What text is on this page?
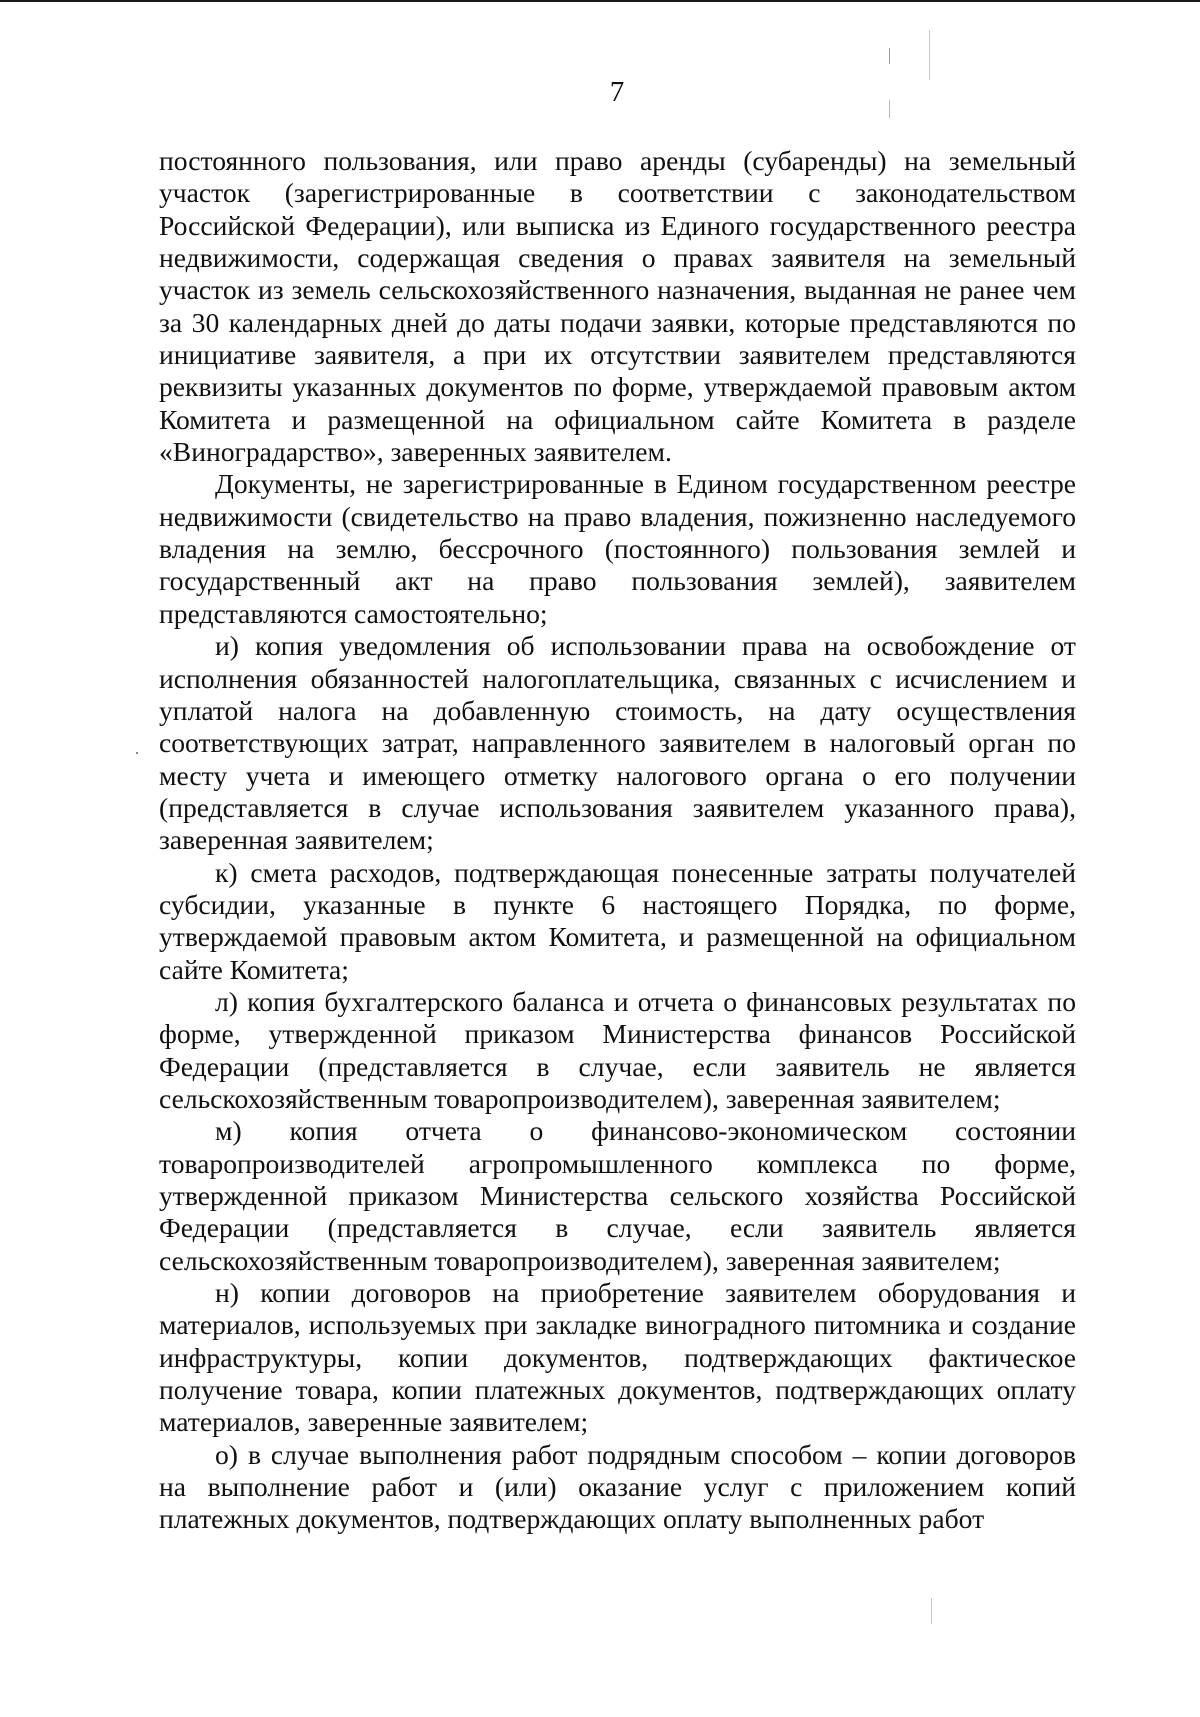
7

постоянного пользования, или право аренды (субаренды) на земельный участок (зарегистрированные в соответствии с законодательством Российской Федерации), или выписка из Единого государственного реестра недвижимости, содержащая сведения о правах заявителя на земельный участок из земель сельскохозяйственного назначения, выданная не ранее чем за 30 календарных дней до даты подачи заявки, которые представляются по инициативе заявителя, а при их отсутствии заявителем представляются реквизиты указанных документов по форме, утверждаемой правовым актом Комитета и размещенной на официальном сайте Комитета в разделе «Виноградарство», заверенных заявителем.

Документы, не зарегистрированные в Едином государственном реестре недвижимости (свидетельство на право владения, пожизненно наследуемого владения на землю, бессрочного (постоянного) пользования землей и государственный акт на право пользования землей), заявителем представляются самостоятельно;

и) копия уведомления об использовании права на освобождение от исполнения обязанностей налогоплательщика, связанных с исчислением и уплатой налога на добавленную стоимость, на дату осуществления соответствующих затрат, направленного заявителем в налоговый орган по месту учета и имеющего отметку налогового органа о его получении (представляется в случае использования заявителем указанного права), заверенная заявителем;

к) смета расходов, подтверждающая понесенные затраты получателей субсидии, указанные в пункте 6 настоящего Порядка, по форме, утверждаемой правовым актом Комитета, и размещенной на официальном сайте Комитета;

л) копия бухгалтерского баланса и отчета о финансовых результатах по форме, утвержденной приказом Министерства финансов Российской Федерации (представляется в случае, если заявитель не является сельскохозяйственным товаропроизводителем), заверенная заявителем;

м) копия отчета о финансово-экономическом состоянии товаропроизводителей агропромышленного комплекса по форме, утвержденной приказом Министерства сельского хозяйства Российской Федерации (представляется в случае, если заявитель является сельскохозяйственным товаропроизводителем), заверенная заявителем;

н) копии договоров на приобретение заявителем оборудования и материалов, используемых при закладке виноградного питомника и создание инфраструктуры, копии документов, подтверждающих фактическое получение товара, копии платежных документов, подтверждающих оплату материалов, заверенные заявителем;

о) в случае выполнения работ подрядным способом – копии договоров на выполнение работ и (или) оказание услуг с приложением копий платежных документов, подтверждающих оплату выполненных работ
